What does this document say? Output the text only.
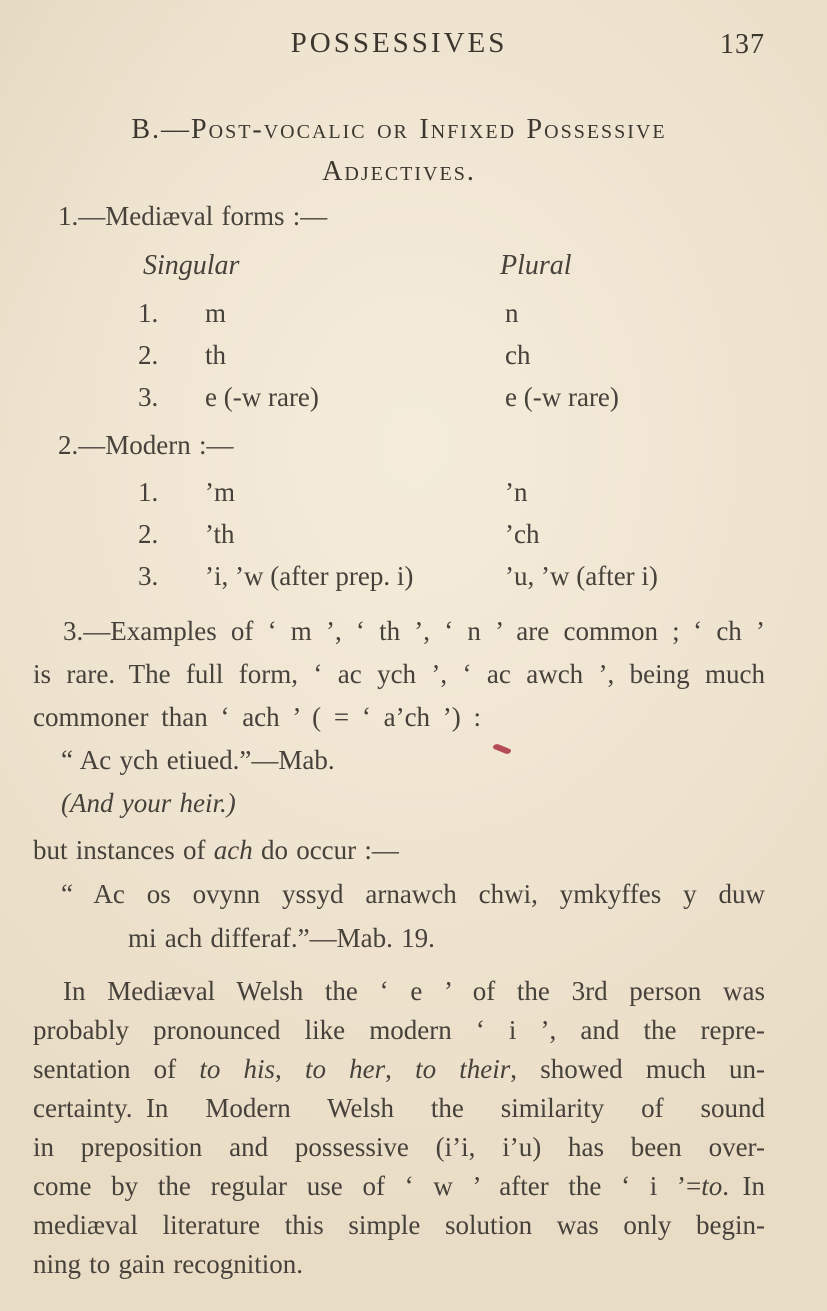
POSSESSIVES	137
B.—Post-vocalic or Infixed Possessive
Adjectives.
1.—Mediæval forms :—
Singular	Plural
1. m	n
2. th	ch
3. e (-w rare)	e (-w rare)
2.—Modern :—
1. ’m	’n
2. ’th	’ch
3. ’i, ’w (after prep. i)	’u, ’w (after i)
3.—Examples of ‘ m ’, ‘ th ’, ‘ n ’ are common ; ‘ ch ’
is rare. The full form, ‘ ac ych ’, ‘ ac awch ’, being much
commoner than ‘ ach ’ ( = ‘ a’ch ’) :
“ Ac ych etiued.”—Mab.
(And your heir.)
but instances of ach do occur :—
“ Ac os ovynn yssyd arnawch chwi, ymkyffes y duw
mi ach differaf.”—Mab. 19.
In Mediæval Welsh the ‘ e ’ of the 3rd person was
probably pronounced like modern ‘ i ’, and the repre-
sentation of to his, to her, to their, showed much un-
certainty. In Modern Welsh the similarity of sound
in preposition and possessive (i’i, i’u) has been over-
come by the regular use of ‘ w ’ after the ‘ i ’=to. In
mediæval literature this simple solution was only begin-
ning to gain recognition.
